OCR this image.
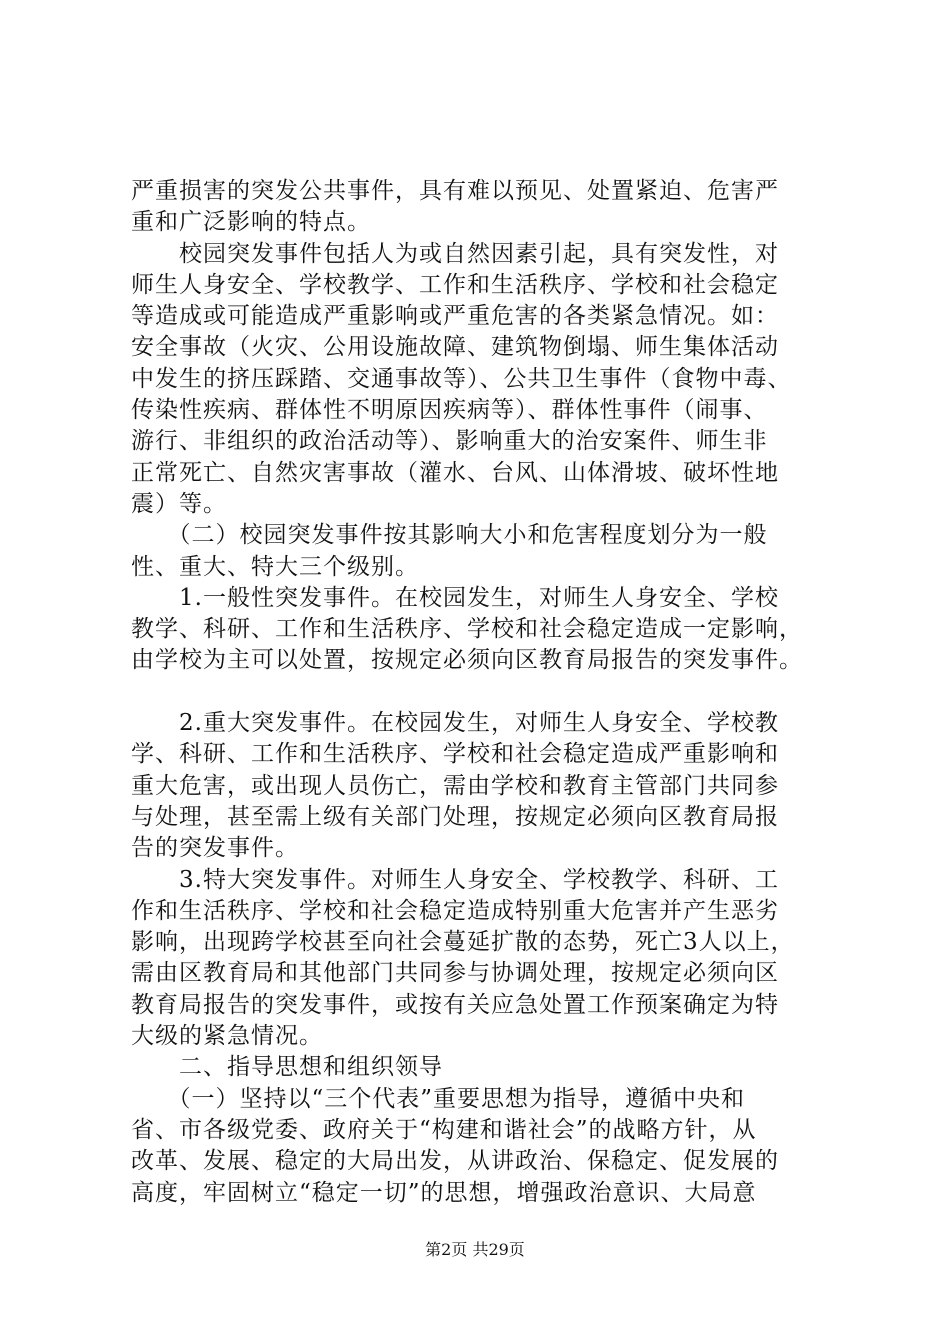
严重损害的突发公共事件，具有难以预见、处置紧迫、危害严
重和广泛影响的特点。
　　校园突发事件包括人为或自然因素引起，具有突发性，对
师生人身安全、学校教学、工作和生活秩序、学校和社会稳定
等造成或可能造成严重影响或严重危害的各类紧急情况。如：
安全事故（火灾、公用设施故障、建筑物倒塌、师生集体活动
中发生的挤压踩踏、交通事故等）、公共卫生事件（食物中毒、
传染性疾病、群体性不明原因疾病等）、群体性事件（闹事、
游行、非组织的政治活动等）、影响重大的治安案件、师生非
正常死亡、自然灾害事故（灌水、台风、山体滑坡、破坏性地
震）等。
　　（二）校园突发事件按其影响大小和危害程度划分为一般
性、重大、特大三个级别。
　　1.一般性突发事件。在校园发生，对师生人身安全、学校
教学、科研、工作和生活秩序、学校和社会稳定造成一定影响，
由学校为主可以处置，按规定必须向区教育局报告的突发事件。
　　2.重大突发事件。在校园发生，对师生人身安全、学校教
学、科研、工作和生活秩序、学校和社会稳定造成严重影响和
重大危害，或出现人员伤亡，需由学校和教育主管部门共同参
与处理，甚至需上级有关部门处理，按规定必须向区教育局报
告的突发事件。
　　3.特大突发事件。对师生人身安全、学校教学、科研、工
作和生活秩序、学校和社会稳定造成特别重大危害并产生恶劣
影响，出现跨学校甚至向社会蔓延扩散的态势，死亡3人以上，
需由区教育局和其他部门共同参与协调处理，按规定必须向区
教育局报告的突发事件，或按有关应急处置工作预案确定为特
大级的紧急情况。
　　二、指导思想和组织领导
　　（一）坚持以“三个代表”重要思想为指导，遵循中央和
省、市各级党委、政府关于“构建和谐社会”的战略方针，从
改革、发展、稳定的大局出发，从讲政治、保稳定、促发展的
高度，牢固树立“稳定一切”的思想，增强政治意识、大局意
第2页 共29页
